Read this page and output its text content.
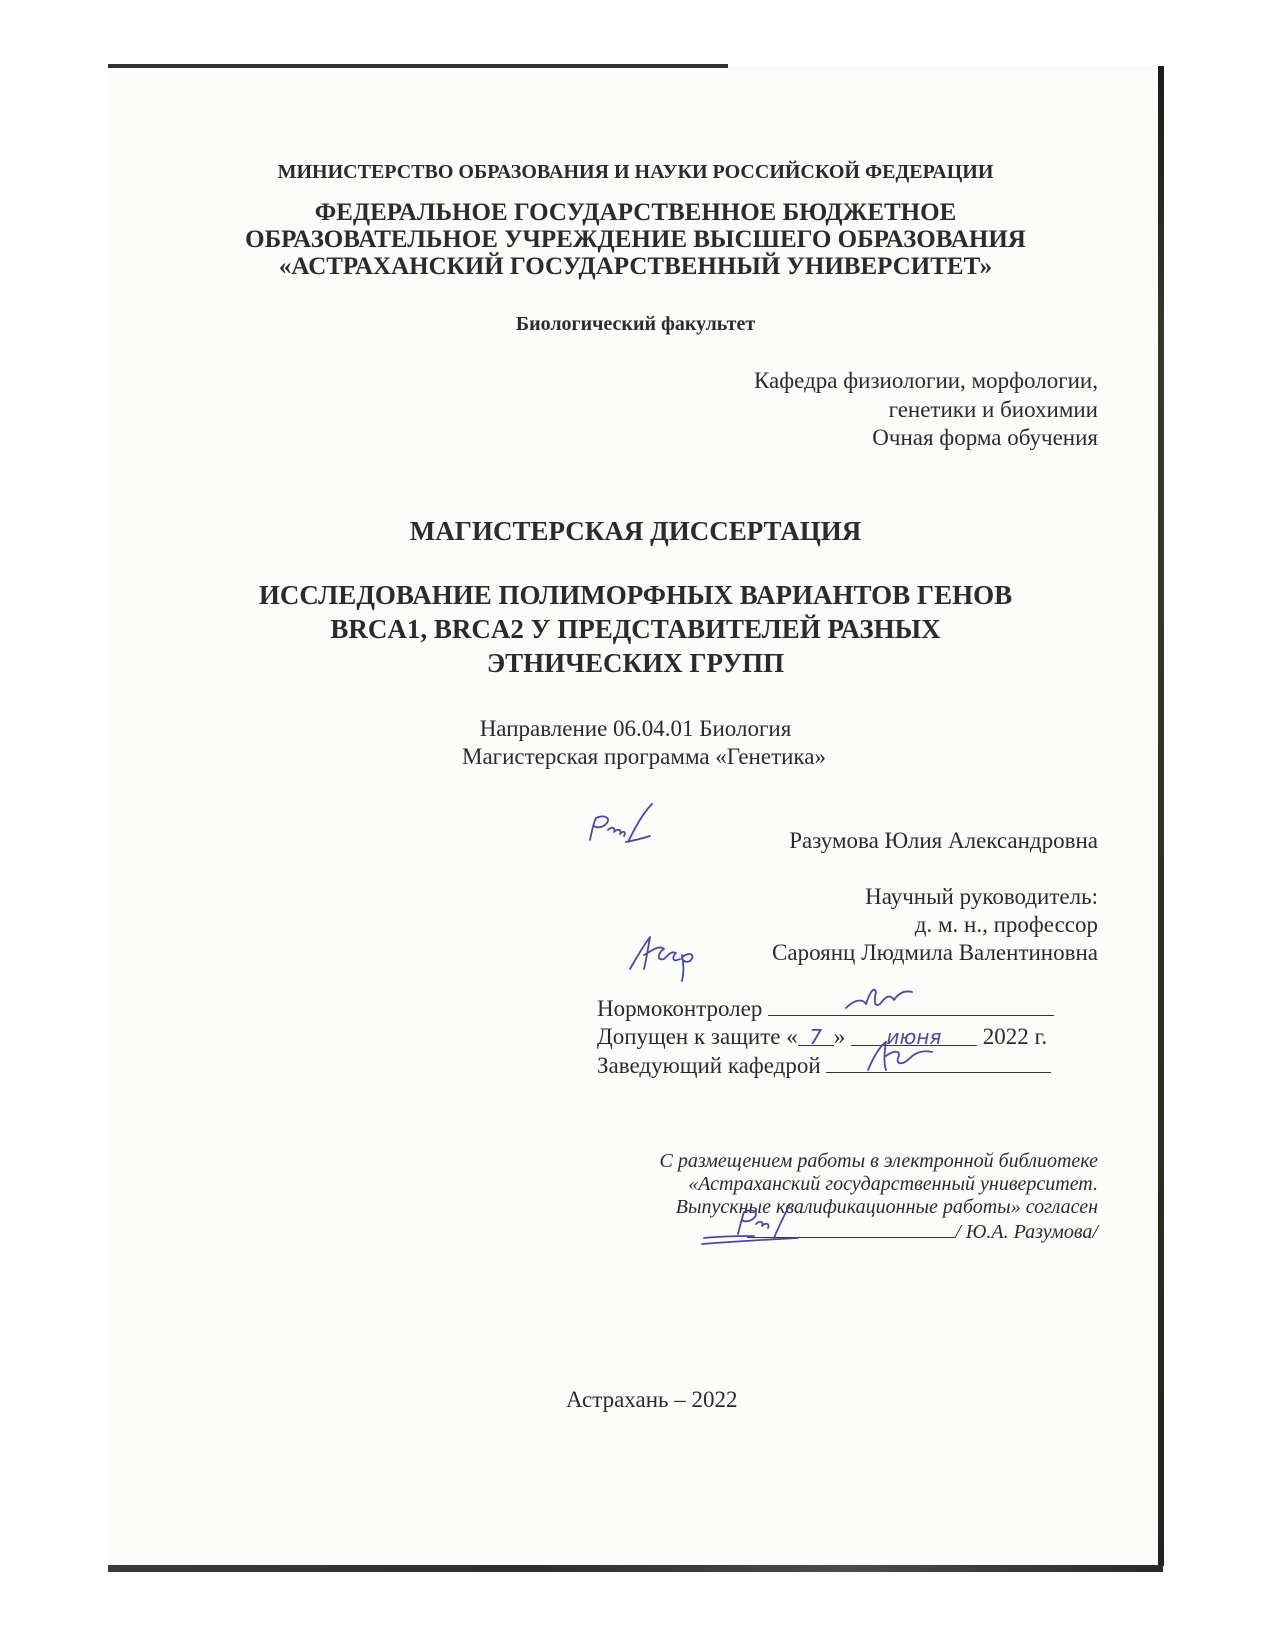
МИНИСТЕРСТВО ОБРАЗОВАНИЯ И НАУКИ РОССИЙСКОЙ ФЕДЕРАЦИИ

ФЕДЕРАЛЬНОЕ ГОСУДАРСТВЕННОЕ БЮДЖЕТНОЕ

ОБРАЗОВАТЕЛЬНОЕ УЧРЕЖДЕНИЕ ВЫСШЕГО ОБРАЗОВАНИЯ

«АСТРАХАНСКИЙ ГОСУДАРСТВЕННЫЙ УНИВЕРСИТЕТ»

Биологический факультет

Кафедра физиологии, морфологии,

генетики и биохимии

Очная форма обучения

МАГИСТЕРСКАЯ ДИССЕРТАЦИЯ

ИССЛЕДОВАНИЕ ПОЛИМОРФНЫХ ВАРИАНТОВ ГЕНОВ

BRCA1, BRCA2 У ПРЕДСТАВИТЕЛЕЙ РАЗНЫХ

ЭТНИЧЕСКИХ ГРУПП

Направление 06.04.01 Биология

Магистерская программа «Генетика»

Разумова Юлия Александровна

Научный руководитель:

д. м. н., профессор

Сароянц Людмила Валентиновна

Нормоконтролер

Допущен к защите « 7 » июня 2022 г.

Заведующий кафедрой

С размещением работы в электронной библиотеке

«Астраханский государственный университет.

Выпускные квалификационные работы» согласен

/ Ю.А. Разумова/

Астрахань – 2022
